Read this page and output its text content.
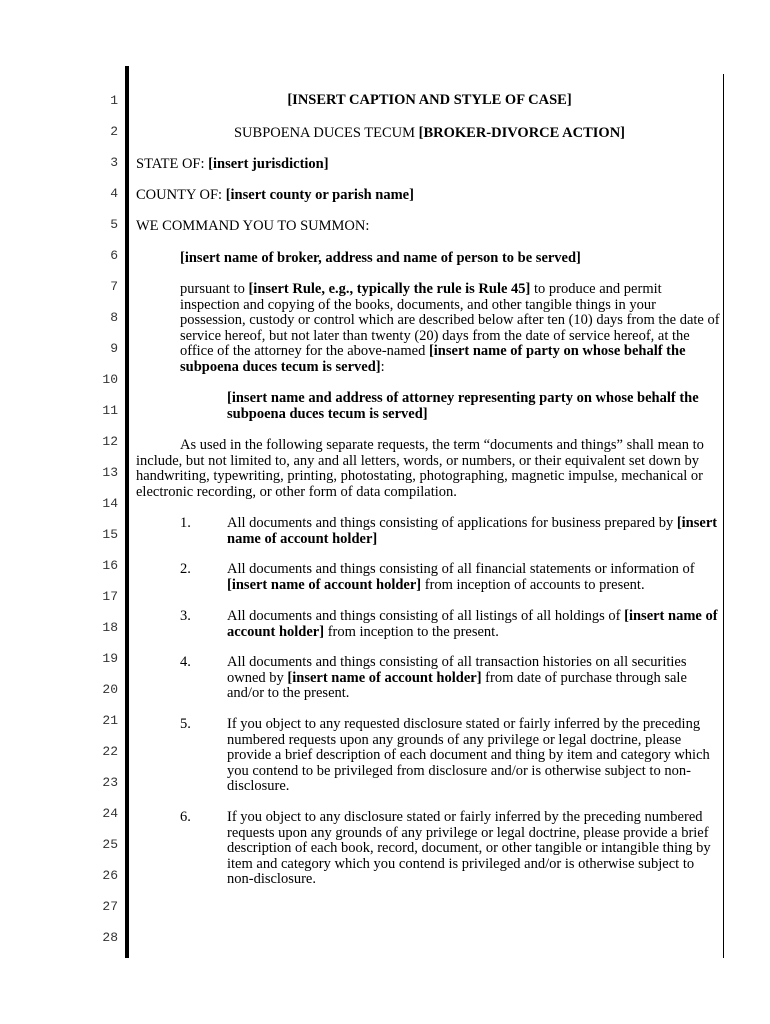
1
2
3
4
5
6
7
8
9
10
11
12
13
14
15
16
17
18
19
20
21
22
23
24
25
26
27
28
[INSERT CAPTION AND STYLE OF CASE]
SUBPOENA DUCES TECUM [BROKER-DIVORCE ACTION]
STATE OF: [insert jurisdiction]
COUNTY OF: [insert county or parish name]
WE COMMAND YOU TO SUMMON:
[insert name of broker, address and name of person to be served]
pursuant to [insert Rule, e.g., typically the rule is Rule 45] to produce and permit inspection and copying of the books, documents, and other tangible things in your possession, custody or control which are described below after ten (10) days from the date of service hereof, but not later than twenty (20) days from the date of service hereof, at the office of the attorney for the above-named [insert name of party on whose behalf the subpoena duces tecum is served]:
[insert name and address of attorney representing party on whose behalf the subpoena duces tecum is served]
As used in the following separate requests, the term “documents and things” shall mean to include, but not limited to, any and all letters, words, or numbers, or their equivalent set down by handwriting, typewriting, printing, photostating, photographing, magnetic impulse, mechanical or electronic recording, or other form of data compilation.
1. All documents and things consisting of applications for business prepared by [insert name of account holder]
2. All documents and things consisting of all financial statements or information of [insert name of account holder] from inception of accounts to present.
3. All documents and things consisting of all listings of all holdings of [insert name of account holder] from inception to the present.
4. All documents and things consisting of all transaction histories on all securities owned by [insert name of account holder] from date of purchase through sale and/or to the present.
5. If you object to any requested disclosure stated or fairly inferred by the preceding numbered requests upon any grounds of any privilege or legal doctrine, please provide a brief description of each document and thing by item and category which you contend to be privileged from disclosure and/or is otherwise subject to non-disclosure.
6. If you object to any disclosure stated or fairly inferred by the preceding numbered requests upon any grounds of any privilege or legal doctrine, please provide a brief description of each book, record, document, or other tangible or intangible thing by item and category which you contend is privileged and/or is otherwise subject to non-disclosure.
